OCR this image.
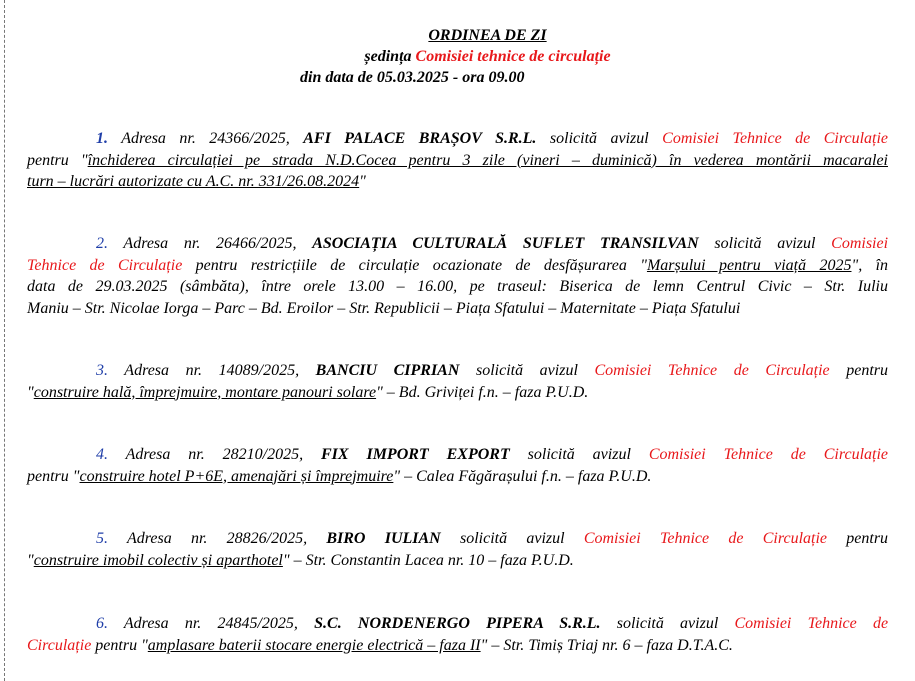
ORDINEA DE ZI
ședința Comisiei tehnice de circulație
din data de 05.03.2025 - ora 09.00
1. Adresa nr. 24366/2025, AFI PALACE BRAȘOV S.R.L. solicită avizul Comisiei Tehnice de Circulație
pentru "închiderea circulației pe strada N.D.Cocea pentru 3 zile (vineri – duminică) în vederea montării macaralei
turn – lucrări autorizate cu A.C. nr. 331/26.08.2024"
2. Adresa nr. 26466/2025, ASOCIAȚIA CULTURALĂ SUFLET TRANSILVAN solicită avizul Comisiei
Tehnice de Circulație pentru restricțiile de circulație ocazionate de desfășurarea "Marșului pentru viață 2025", în
data de 29.03.2025 (sâmbăta), între orele 13.00 – 16.00, pe traseul: Biserica de lemn Centrul Civic – Str. Iuliu
Maniu – Str. Nicolae Iorga – Parc – Bd. Eroilor – Str. Republicii – Piața Sfatului – Maternitate – Piața Sfatului
3. Adresa nr. 14089/2025, BANCIU CIPRIAN solicită avizul Comisiei Tehnice de Circulație pentru
"construire hală, împrejmuire, montare panouri solare" – Bd. Griviței f.n. – faza P.U.D.
4. Adresa nr. 28210/2025, FIX IMPORT EXPORT solicită avizul Comisiei Tehnice de Circulație
pentru "construire hotel P+6E, amenajări și împrejmuire" – Calea Făgărașului f.n. – faza P.U.D.
5. Adresa nr. 28826/2025, BIRO IULIAN solicită avizul Comisiei Tehnice de Circulație pentru
"construire imobil colectiv și aparthotel" – Str. Constantin Lacea nr. 10 – faza P.U.D.
6. Adresa nr. 24845/2025, S.C. NORDENERGO PIPERA S.R.L. solicită avizul Comisiei Tehnice de
Circulație pentru "amplasare baterii stocare energie electrică – faza II" – Str. Timiș Triaj nr. 6 – faza D.T.A.C.
